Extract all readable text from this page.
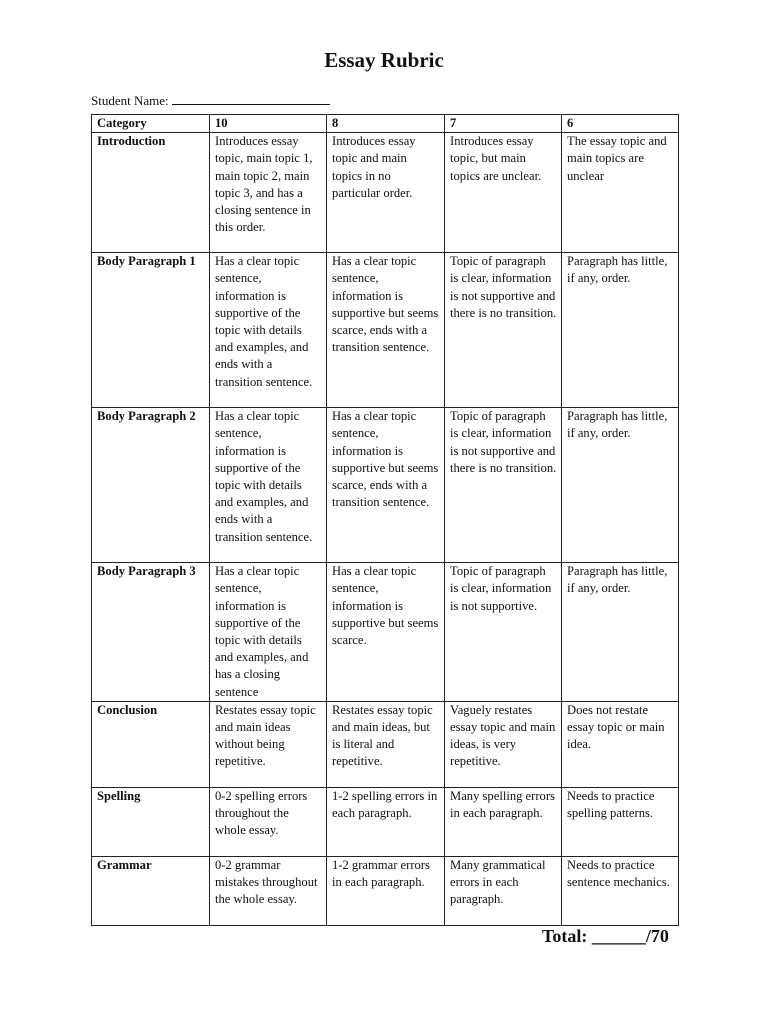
Essay Rubric
Student Name:
Category	10	8	7	6
Introduction	Introduces essay topic, main topic 1, main topic 2, main topic 3, and has a closing sentence in this order.	Introduces essay topic and main topics in no particular order.	Introduces essay topic, but main topics are unclear.	The essay topic and main topics are unclear
Body Paragraph 1	Has a clear topic sentence, information is supportive of the topic with details and examples, and ends with a transition sentence.	Has a clear topic sentence, information is supportive but seems scarce, ends with a transition sentence.	Topic of paragraph is clear, information is not supportive and there is no transition.	Paragraph has little, if any, order.
Body Paragraph 2	Has a clear topic sentence, information is supportive of the topic with details and examples, and ends with a transition sentence.	Has a clear topic sentence, information is supportive but seems scarce, ends with a transition sentence.	Topic of paragraph is clear, information is not supportive and there is no transition.	Paragraph has little, if any, order.
Body Paragraph 3	Has a clear topic sentence, information is supportive of the topic with details and examples, and has a closing sentence	Has a clear topic sentence, information is supportive but seems scarce.	Topic of paragraph is clear, information is not supportive.	Paragraph has little, if any, order.
Conclusion	Restates essay topic and main ideas without being repetitive.	Restates essay topic and main ideas, but is literal and repetitive.	Vaguely restates essay topic and main ideas, is very repetitive.	Does not restate essay topic or main idea.
Spelling	0-2 spelling errors throughout the whole essay.	1-2 spelling errors in each paragraph.	Many spelling errors in each paragraph.	Needs to practice spelling patterns.
Grammar	0-2 grammar mistakes throughout the whole essay.	1-2 grammar errors in each paragraph.	Many grammatical errors in each paragraph.	Needs to practice sentence mechanics.
Total: ______/70
